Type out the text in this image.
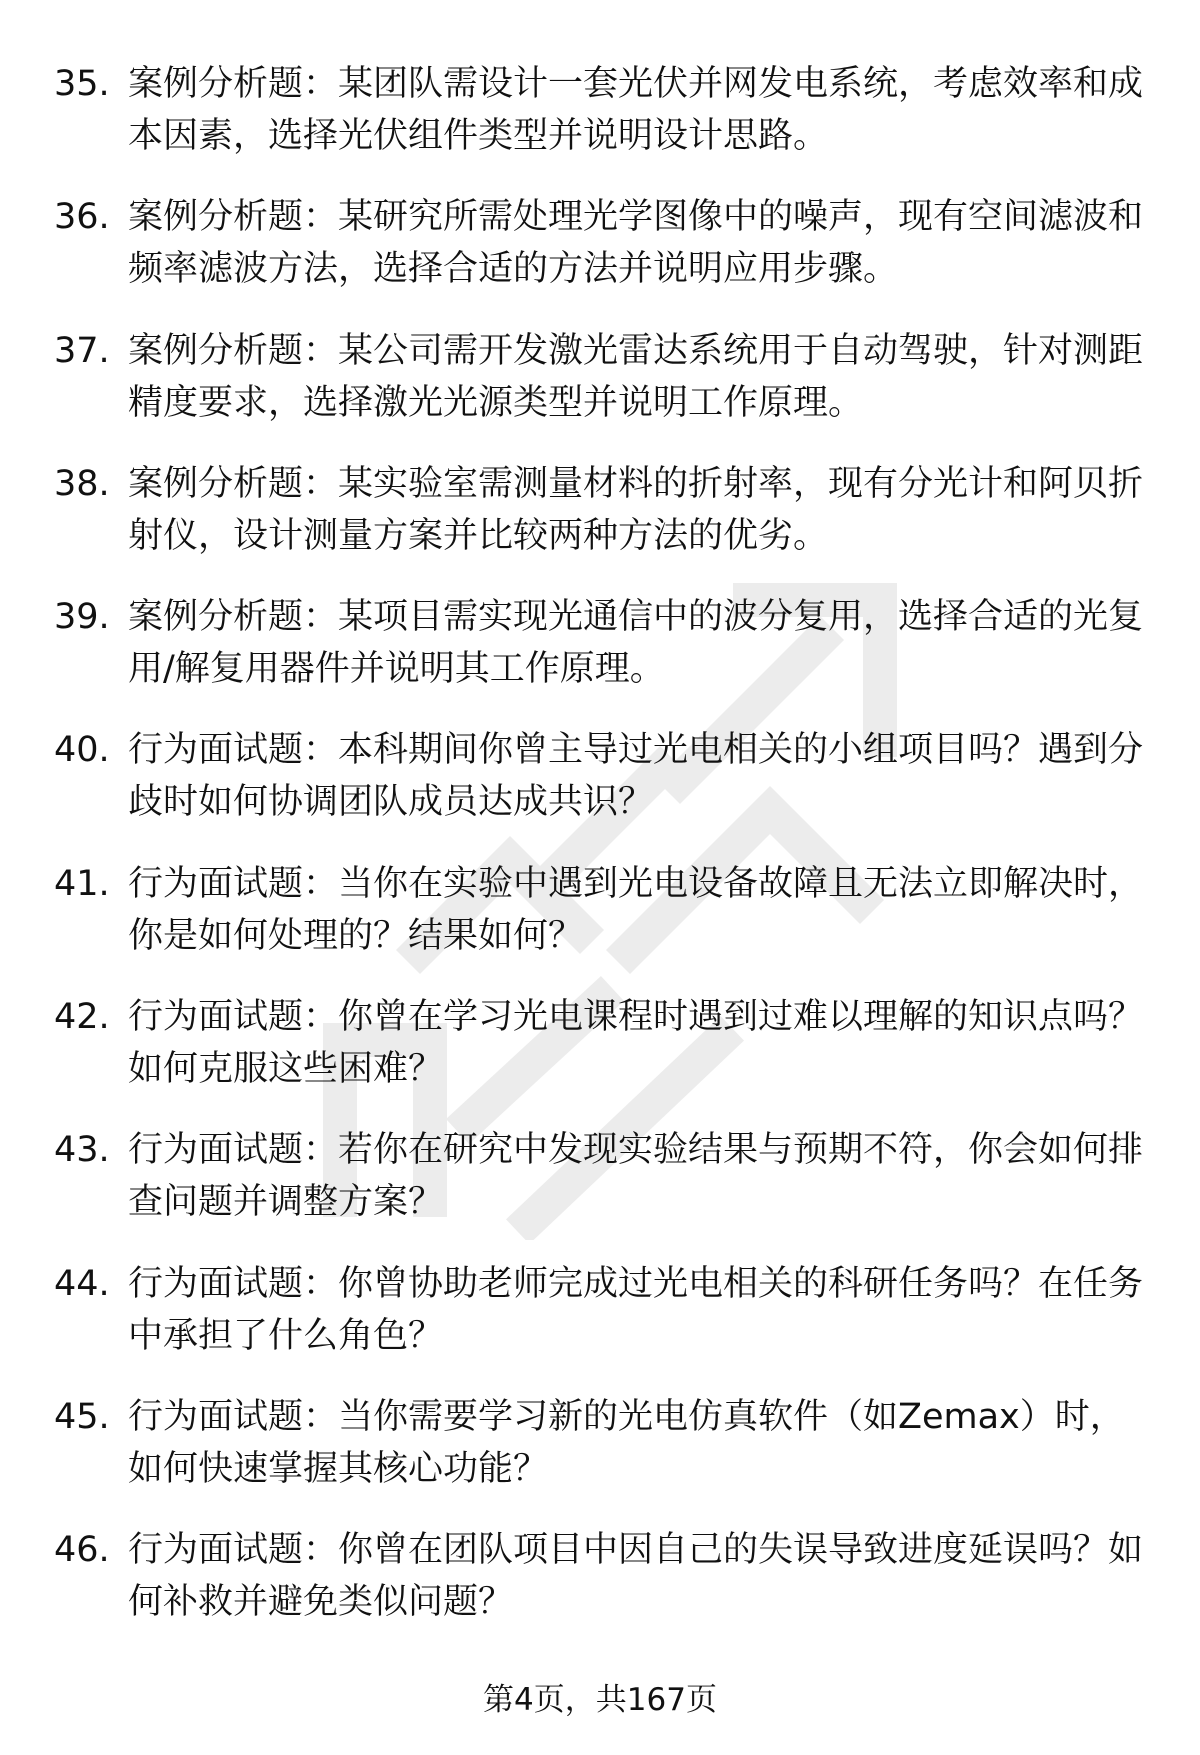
35. 案例分析题：某团队需设计一套光伏并网发电系统，考虑效率和成本因素，选择光伏组件类型并说明设计思路。
36. 案例分析题：某研究所需处理光学图像中的噪声，现有空间滤波和频率滤波方法，选择合适的方法并说明应用步骤。
37. 案例分析题：某公司需开发激光雷达系统用于自动驾驶，针对测距精度要求，选择激光光源类型并说明工作原理。
38. 案例分析题：某实验室需测量材料的折射率，现有分光计和阿贝折射仪，设计测量方案并比较两种方法的优劣。
39. 案例分析题：某项目需实现光通信中的波分复用，选择合适的光复用/解复用器件并说明其工作原理。
40. 行为面试题：本科期间你曾主导过光电相关的小组项目吗？遇到分歧时如何协调团队成员达成共识？
41. 行为面试题：当你在实验中遇到光电设备故障且无法立即解决时，你是如何处理的？结果如何？
42. 行为面试题：你曾在学习光电课程时遇到过难以理解的知识点吗？如何克服这些困难？
43. 行为面试题：若你在研究中发现实验结果与预期不符，你会如何排查问题并调整方案？
44. 行为面试题：你曾协助老师完成过光电相关的科研任务吗？在任务中承担了什么角色？
45. 行为面试题：当你需要学习新的光电仿真软件（如Zemax）时，如何快速掌握其核心功能？
46. 行为面试题：你曾在团队项目中因自己的失误导致进度延误吗？如何补救并避免类似问题？
第4页，共167页
